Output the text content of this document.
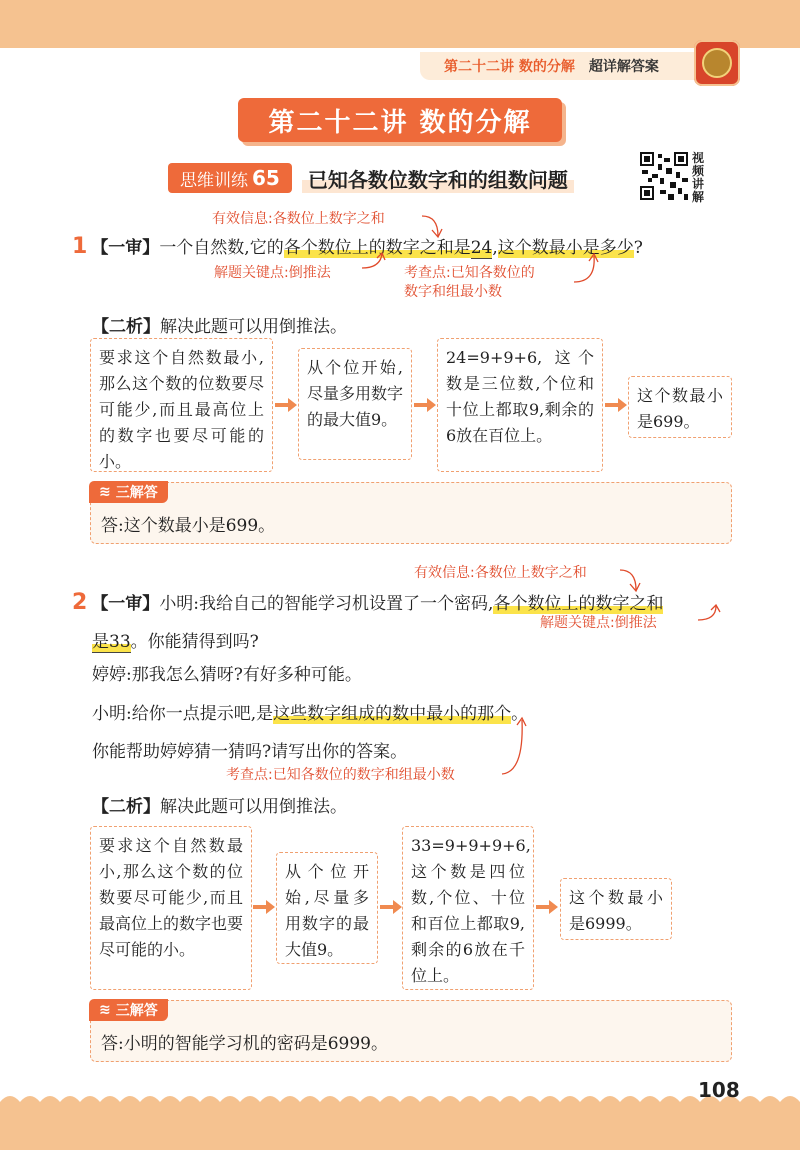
第二十二讲 数的分解 超详解答案
第二十二讲 数的分解
思维训练 65	已知各数位数字和的组数问题
视频讲解
有效信息:各数位上数字之和
1 【一审】一个自然数,它的各个数位上的数字之和是24,这个数最小是多少?
解题关键点:倒推法	考查点:已知各数位的
数字和组最小数
【二析】解决此题可以用倒推法。
要求这个自然数最小,那么这个数的位数要尽可能少,而且最高位上的数字也要尽可能的小。
从个位开始,尽量多用数字的最大值9。
24=9+9+6, 这个数是三位数,个位和十位上都取9,剩余的6放在百位上。
这个数最小是699。
≋ 三解答
答:这个数最小是699。
有效信息:各数位上数字之和
2 【一审】小明:我给自己的智能学习机设置了一个密码,各个数位上的数字之和
是33。你能猜得到吗?
解题关键点:倒推法
婷婷:那我怎么猜呀?有好多种可能。
小明:给你一点提示吧,是这些数字组成的数中最小的那个。
你能帮助婷婷猜一猜吗?请写出你的答案。
考查点:已知各数位的数字和组最小数
【二析】解决此题可以用倒推法。
要求这个自然数最小,那么这个数的位数要尽可能少,而且最高位上的数字也要尽可能的小。
从个位开始,尽量多用数字的最大值9。
33=9+9+9+6,这个数是四位数,个位、十位和百位上都取9,剩余的6放在千位上。
这个数最小是6999。
≋ 三解答
答:小明的智能学习机的密码是6999。
108
